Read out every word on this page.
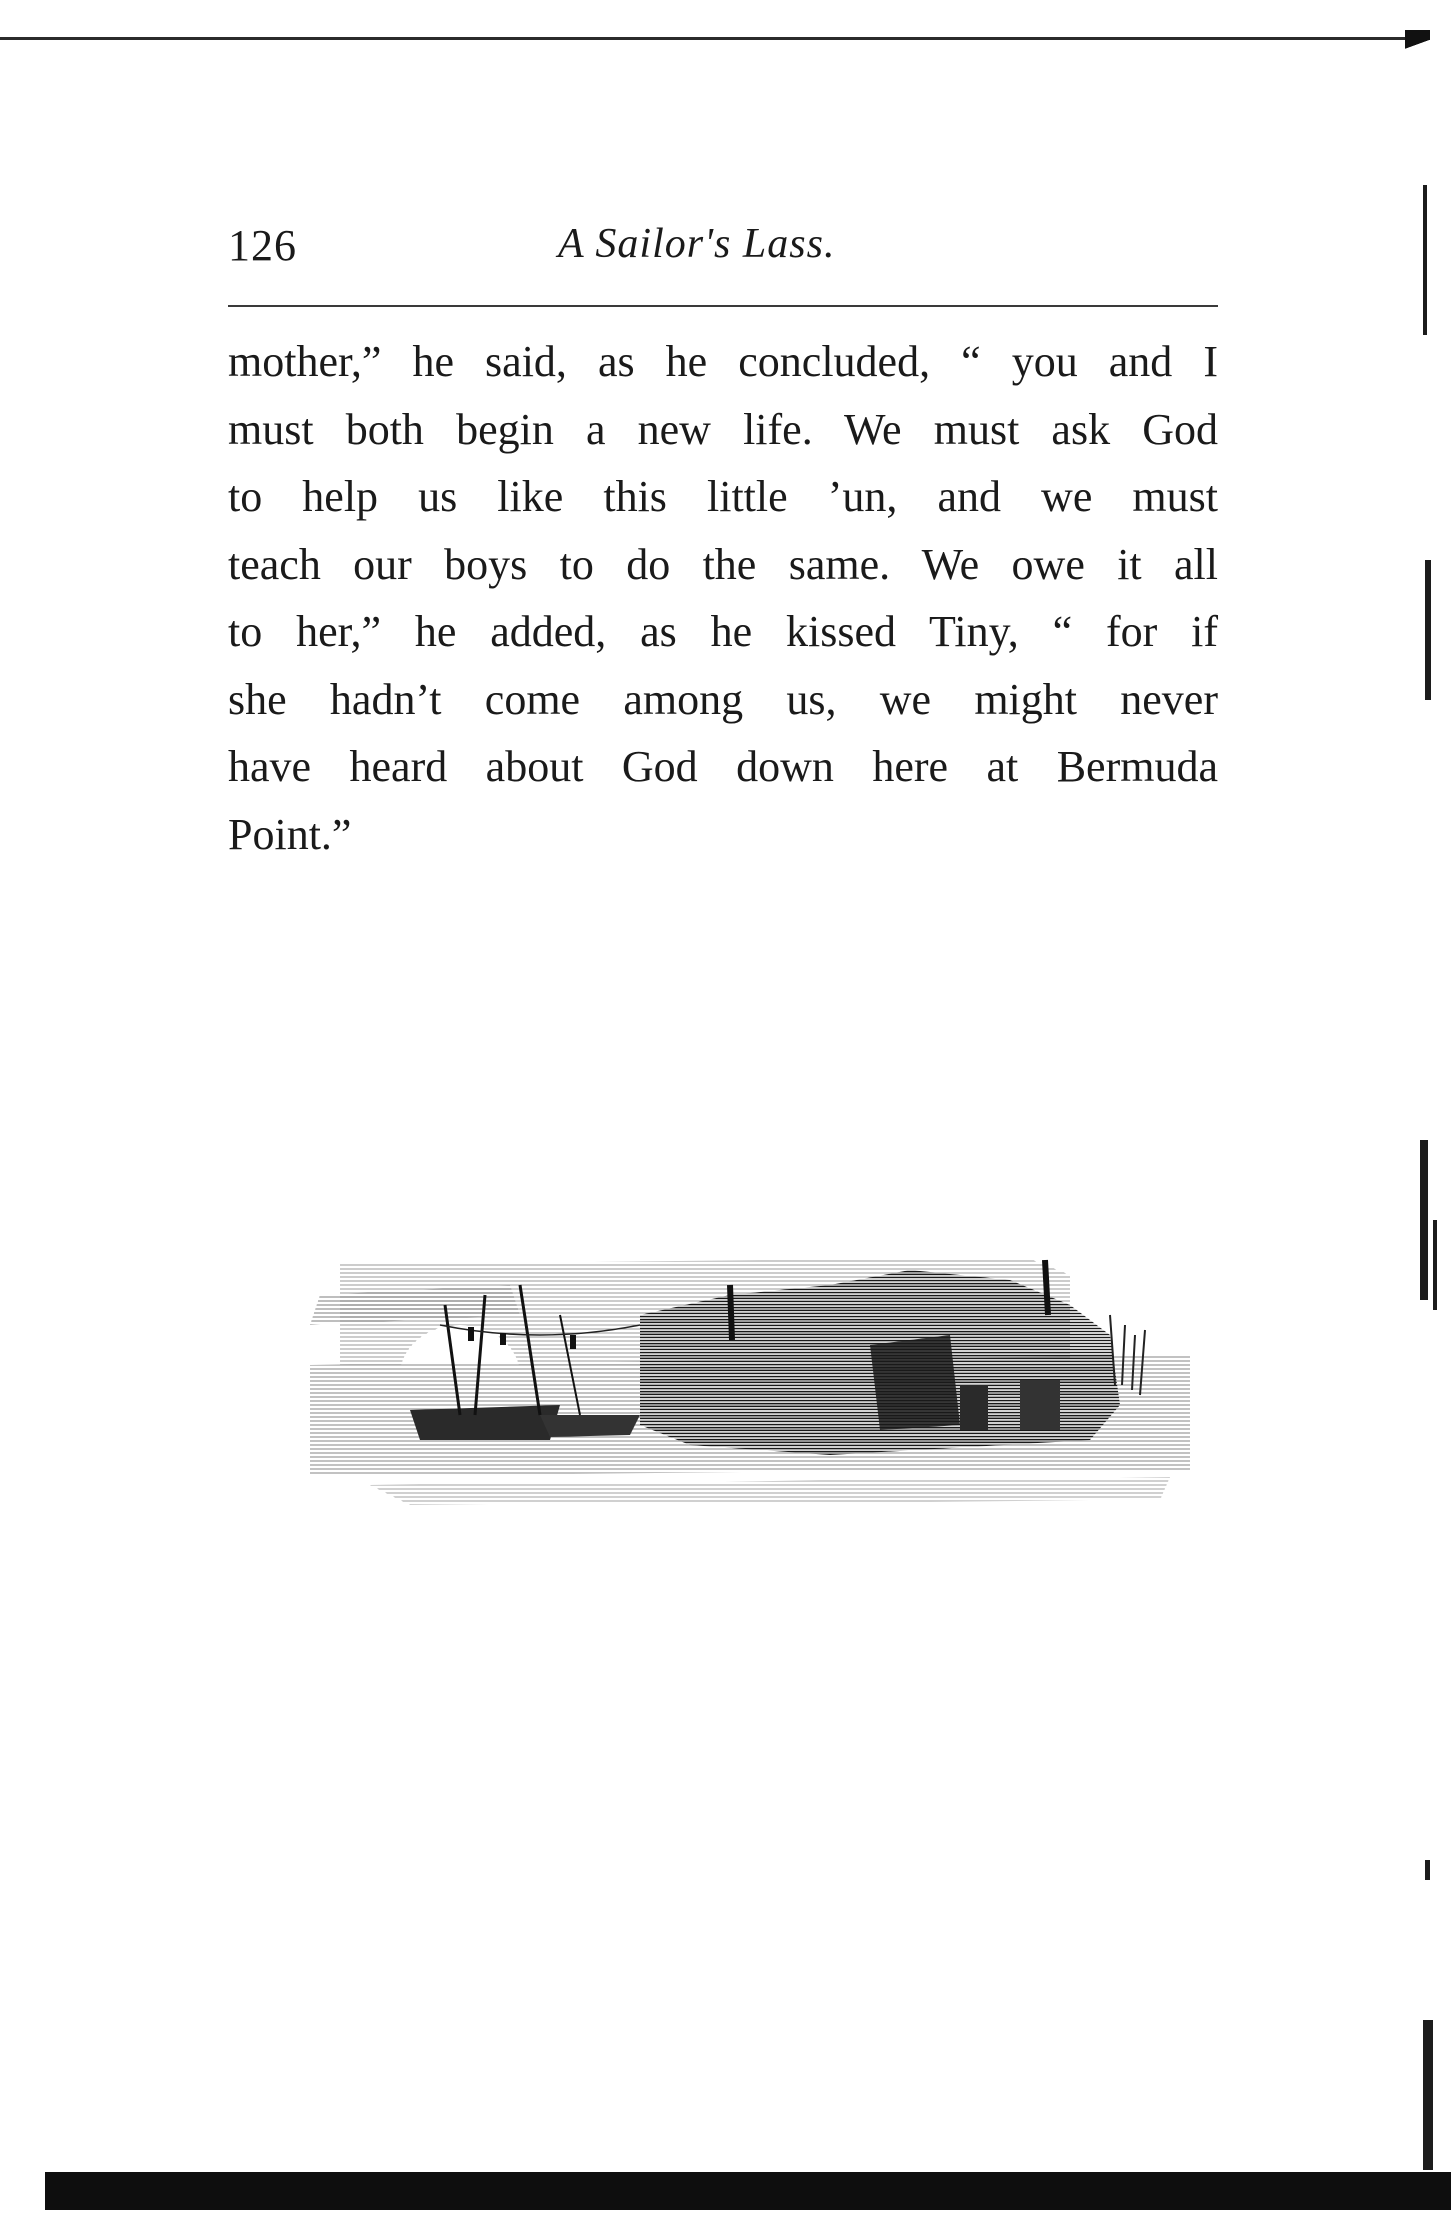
126	A Sailor's Lass.
mother,” he said, as he concluded, “ you and I
must both begin a new life. We must ask God
to help us like this little ’un, and we must
teach our boys to do the same. We owe it all
to her,” he added, as he kissed Tiny, “ for if
she hadn’t come among us, we might never
have heard about God down here at Bermuda
Point.”
